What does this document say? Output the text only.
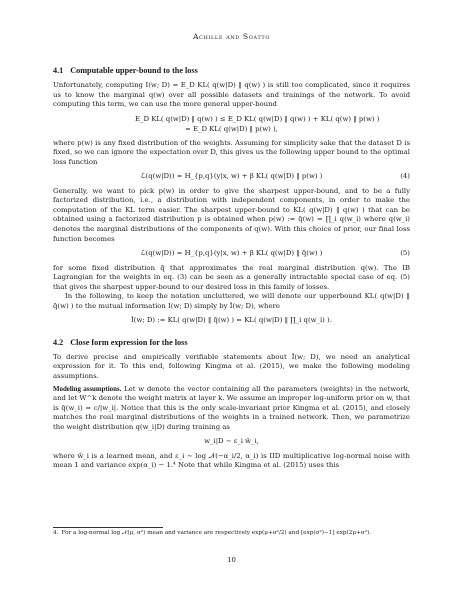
Achille and Soatto
4.1 Computable upper-bound to the loss

Unfortunately, computing I(w; D) = E_D KL( q(w|D) ‖ q(w) ) is still too complicated, since it requires us to know the marginal q(w) over all possible datasets and trainings of the network. To avoid computing this term, we can use the more general upper-bound

E_D KL( q(w|D) ‖ q(w) ) ≤ E_D KL( q(w|D) ‖ q(w) ) + KL( q(w) ‖ p(w) )
= E_D KL( q(w|D) ‖ p(w) ),

where p(w) is any fixed distribution of the weights. Assuming for simplicity sake that the dataset D is fixed, so we can ignore the expectation over D, this gives us the following upper bound to the optimal loss function

ℒ(q(w|D)) = H_{p,q}(y|x, w) + β KL( q(w|D) ‖ p(w) )	(4)

Generally, we want to pick p(w) in order to give the sharpest upper-bound, and to be a fully factorized distribution, i.e., a distribution with independent components, in order to make the computation of the KL term easier. The sharpest upper-bound to KL( q(w|D) ‖ q(w) ) that can be obtained using a factorized distribution p is obtained when p(w) := q̃(w) = ∏_i q(w_i) where q(w_i) denotes the marginal distributions of the components of q(w). With this choice of prior, our final loss function becomes

ℒ(q(w|D)) = H_{p,q}(y|x, w) + β KL( q(w|D) ‖ q̃(w) )	(5)

for some fixed distribution q̃ that approximates the real marginal distribution q(w). The IB Lagrangian for the weights in eq. (3) can be seen as a generally intractable special case of eq. (5) that gives the sharpest upper-bound to our desired loss in this family of losses.

In the following, to keep the notation uncluttered, we will denote our upperbound KL( q(w|D) ‖ q̃(w) ) to the mutual information I(w; D) simply by Ĩ(w; D), where

Ĩ(w; D) := KL( q(w|D) ‖ q̃(w) ) = KL( q(w|D) ‖ ∏_i q(w_i) ).
4.2 Close form expression for the loss

To derive precise and empirically verifiable statements about Ĩ(w; D), we need an analytical expression for it. To this end, following Kingma et al. (2015), we make the following modeling assumptions.

Modeling assumptions. Let w denote the vector containing all the parameters (weights) in the network, and let W^k denote the weight matrix at layer k. We assume an improper log-uniform prior on w, that is q̃(w_i) = c/|w_i|. Notice that this is the only scale-invariant prior Kingma et al. (2015), and closely matches the real marginal distributions of the weights in a trained network. Then, we parametrize the weight distribution q(w_i|D) during training as

w_i|D ∼ ε_i ŵ_i,

where ŵ_i is a learned mean, and ε_i ∼ log 𝒩(−α_i/2, α_i) is IID multiplicative log-normal noise with mean 1 and variance exp(α_i) − 1.⁴ Note that while Kingma et al. (2015) uses this

4. For a log-normal log 𝒩(μ, σ²) mean and variance are respectively exp(μ+σ²/2) and [exp(σ²)−1] exp(2μ+σ²).
10
